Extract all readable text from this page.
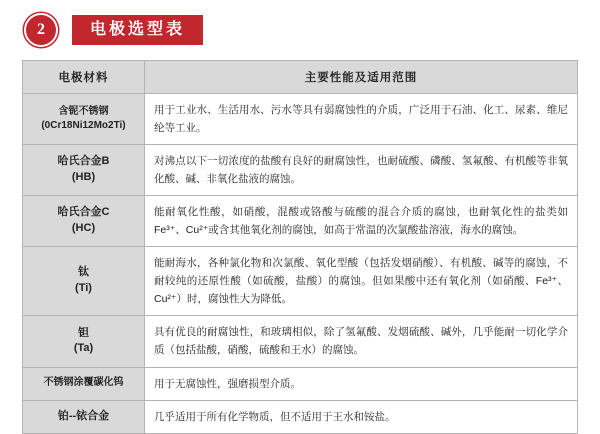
2	电极选型表
电极材料	主要性能及适用范围

含铌不锈钢
(0Cr18Ni12Mo2Ti)	用于工业水、生活用水、污水等具有弱腐蚀性的介质，广泛用于石油、化工、尿素、维尼纶等工业。

哈氏合金B
(HB)	对沸点以下一切浓度的盐酸有良好的耐腐蚀性，也耐硫酸、磷酸、氢氟酸、有机酸等非氧化酸、碱、非氧化盐液的腐蚀。

哈氏合金C
(HC)	能耐氧化性酸，如硝酸，混酸或铬酸与硫酸的混合介质的腐蚀，也耐氧化性的盐类如Fe³⁺、Cu²⁺或含其他氧化剂的腐蚀，如高于常温的次氯酸盐溶液，海水的腐蚀。

钛
(Ti)	能耐海水，各种氯化物和次氯酸、氧化型酸（包括发烟硝酸）、有机酸、碱等的腐蚀，不耐较纯的还原性酸（如硫酸，盐酸）的腐蚀。但如果酸中还有氧化剂（如硝酸、Fe³⁺、Cu²⁺）时，腐蚀性大为降低。

钽
(Ta)	具有优良的耐腐蚀性，和玻璃相似，除了氢氟酸、发烟硫酸、碱外，几乎能耐一切化学介质（包括盐酸，硝酸，硫酸和王水）的腐蚀。

不锈钢涂覆碳化钨	用于无腐蚀性，强磨损型介质。

铂--铱合金	几乎适用于所有化学物质，但不适用于王水和铵盐。
